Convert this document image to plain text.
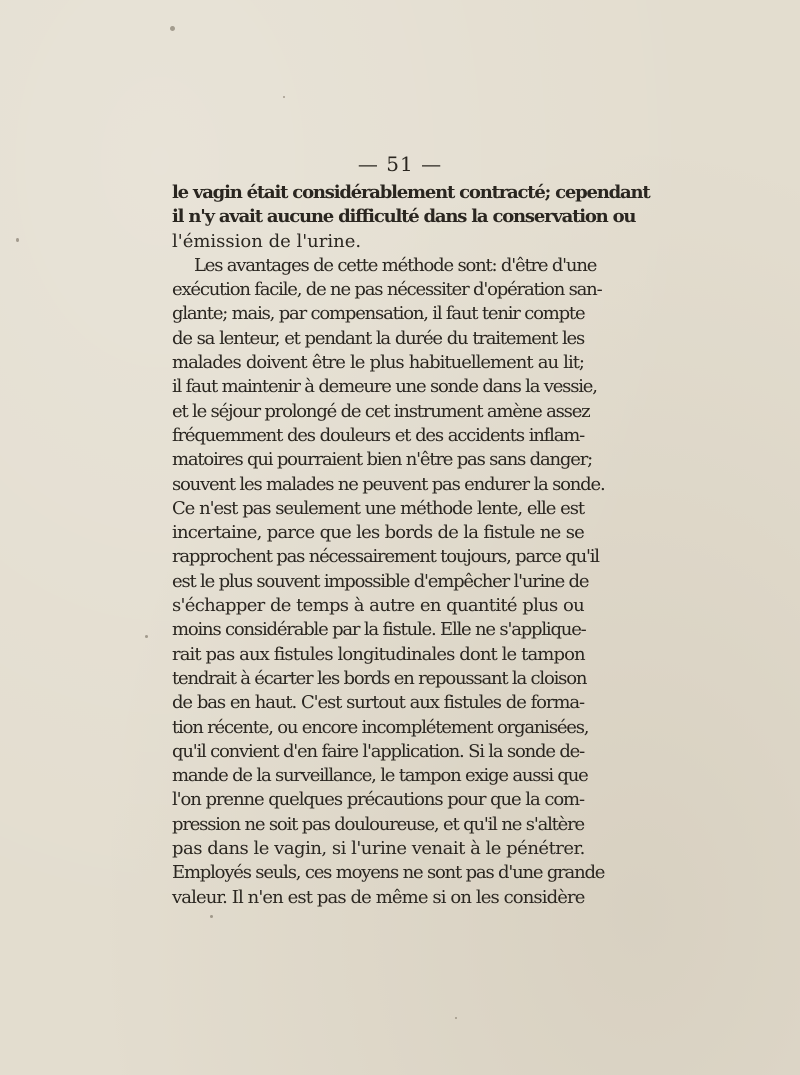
— 51 —
le vagin était considérablement contracté; cependant
il n'y avait aucune difficulté dans la conservation ou
l'émission de l'urine.
Les avantages de cette méthode sont: d'être d'une
exécution facile, de ne pas nécessiter d'opération san-
glante; mais, par compensation, il faut tenir compte
de sa lenteur, et pendant la durée du traitement les
malades doivent être le plus habituellement au lit;
il faut maintenir à demeure une sonde dans la vessie,
et le séjour prolongé de cet instrument amène assez
fréquemment des douleurs et des accidents inflam-
matoires qui pourraient bien n'être pas sans danger;
souvent les malades ne peuvent pas endurer la sonde.
Ce n'est pas seulement une méthode lente, elle est
incertaine, parce que les bords de la fistule ne se
rapprochent pas nécessairement toujours, parce qu'il
est le plus souvent impossible d'empêcher l'urine de
s'échapper de temps à autre en quantité plus ou
moins considérable par la fistule. Elle ne s'applique-
rait pas aux fistules longitudinales dont le tampon
tendrait à écarter les bords en repoussant la cloison
de bas en haut. C'est surtout aux fistules de forma-
tion récente, ou encore incomplétement organisées,
qu'il convient d'en faire l'application. Si la sonde de-
mande de la surveillance, le tampon exige aussi que
l'on prenne quelques précautions pour que la com-
pression ne soit pas douloureuse, et qu'il ne s'altère
pas dans le vagin, si l'urine venait à le pénétrer.
Employés seuls, ces moyens ne sont pas d'une grande
valeur. Il n'en est pas de même si on les considère
